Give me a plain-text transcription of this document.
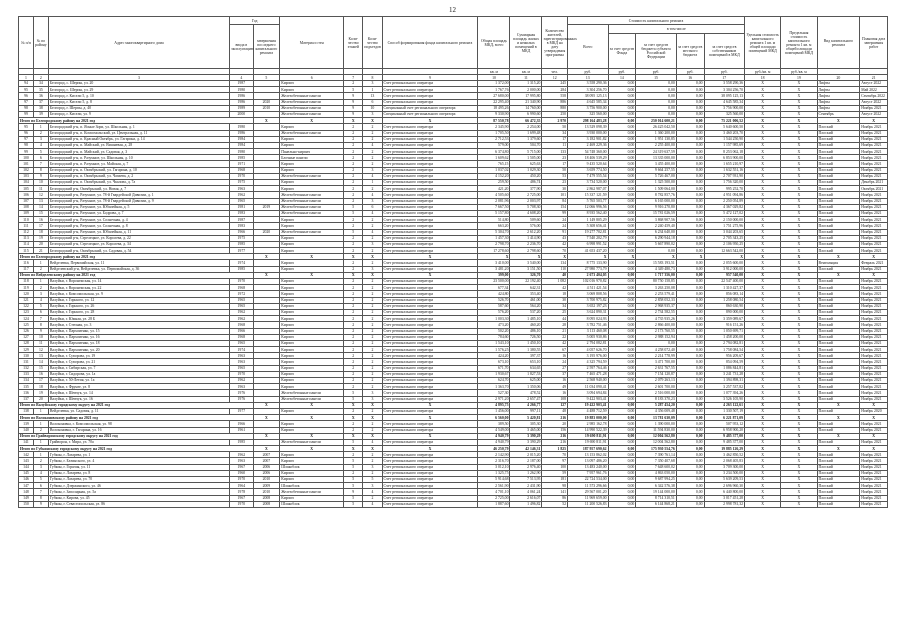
12
№ п/п	№ по району	Адрес многоквартирного дома	Год		Материал стен	Коли-чество этажей	Коли-чество подъездов	Способ формирования фонда капитального ремонта	Общая площадь МКД, всего	Суммарная площадь жилых и нежилых помещений в МКД	Количество жителей, зарегистрированных в МКД на дату утверждения программы	Стоимость капитального ремонта					Удельная стоимость капитального ремонта 1 кв. м общей площади помещений МКД	Предельная стоимость капитального ремонта 1 кв. м общей площади помещений МКД	Вид капитального ремонта	Плановая дата завершения работ
			ввода в эксплуатацию	завершения последнего капитального ремонта								Всего	в том числе							
													за счет средств Фонда	за счет средств бюджета субъекта Российской Федерации	за счет средств местного бюджета	за счет средств собственников помещений в МКД				
									кв. м	кв. м	чел.	руб.	руб.	руб.	руб.	руб.	руб./кв. м	руб./кв. м		
1	2	3	4	5	6	7	8	9	10	11	12	13	14	15	16	17	18	19	20	21
94	34	Белгород, с. Шерпы, ул. 20	1987		Кирпич	2	3	Счет регионального оператора	1 372,00	1 315,20	245	3 558 290,36	0,00	0,00	0,00	3 558 290,36	X	X	Лифты	Август 2022
95	35	Белгород, с. Шерпы, ул. 29	1980		Кирпич	5	1	Счет регионального оператора	1 767,76	2 000,00	284	3 304 256,70	0,00	0,00	0,00	3 304 256,70	X	X	Лифты	Май 2022
96	36	Белгород, г. Кисели 5, д. 10	1986		Железобетонные панели	9	13	Счет регионального оператора	27 680,00	17 995,80	558	38 095 125,13	0,00	0,00	0,00	38 095 125,13	X	X	Лифты	Сентябрь 2022
97	37	Белгород, г. Кисели 5, д. 8	1986	2020	Железобетонные панели	9	6	Счет регионального оператора	22 295,40	21 340,90	886	4 645 585,34	0,00	0,00	0,00	4 645 585,34	X	X	Лифты	Август 2022
98	38	Белгород, г. Шерпы, д. 40	1989	2010	Железобетонные панели	9	10	Специальный счет регионального оператора	18 495,26	14 760,00	880	3 756 900,00	0,00	0,00	0,00	3 756 900,00	X	X	Лифты	Ноябрь 2021
99	39	Белгород, г. Кисели, ул. 9	2000		Железобетонные панели	9	3	Специальный счет регионального оператора	9 330,90	6 990,60	250	325 560,00	0,00	0,00	0,00	325 560,00	X	X	Сентябрь	Август 2022
Итого по Белгородскому району на 2021 год				X	X	X	X	X	87 550,78	66 472,35	2 970	298 164 483,28	0,00	250 014 600,21	0,00	75 221 006,52	X	X	X	X
95	1	Белгородский р-н, п. Ясные Зори, ул. Школьная, д. 1	1980		Кирпич	2	2	Счет регионального оператора	2 345,90	2 254,00	50	13 529 098,39	0,00	26 425 042,50	0,00	5 640 600,50	X	X	Плоский	Ноябрь 2021
96	2	Белгородский р-н, п. Комсомольский, ул. Центральная, д. 11	1986		Железобетонные панели	2	2	Счет регионального оператора	1 705,50	1 699,48	34	3 930 000,00	0,00	1 360 200,00	0,00	3 460 203,70	X	X	Плоский	Ноябрь 2021
97	3	Белгородский р-н, п. Красный Октябрь, ул. Гагарина, д. 14	1984		Кирпич	2	2	Счет регионального оператора	2 712,53	1 379,60	17	3 182 901,82	0,00	1 951 130,85	0,00	1 544 250,90	X	X	Плоский	Ноябрь 2021
98	4	Белгородский р-н, п. Майский, ул. Вишневая, д. 28	1984		Кирпич	2	4	Счет регионального оператора	579,00	504,70	11	2 469 229,36	0,00	2 255 400,00	0,00	1 157 985,69	X	X	Плоский	Ноябрь 2021
99	5	Белгородский р-н, п. Майский, ул. Садовая, д. 3	1980		Панельно-кирпич	2	2	Счет регионального оператора	6 374,80	5 715,00	133	54 748 360,00	0,00	24 319 637,59	0,00	8 253 062,18	X	X	Плоский	Ноябрь 2021
100	6	Белгородский р-н, п. Разумное, ул. Школьная, д. 10	1985		Блочные панели	2	2	Счет регионального оператора	1 609,62	1 505,00	23	18 406 539,29	0,00	13 335 000,00	0,00	6 853 900,00	X	X	Плоский	Ноябрь 2021
101	7	Белгородский р-н, п. Разумное, ул. Майская, д. 7	1971		Кирпич	2	2	Счет регионального оператора	765,15	625,63	17	9 435 520,64	0,00	3 455 400,00	0,00	1 655 210,97	X	X	Плоский	Ноябрь 2021
102	8	Белгородский р-н, п. Октябрьский, ул. Гагарина, д. 10	1968		Кирпич	2	3	Счет регионального оператора	1 037,02	1 029,30	50	3 659 774,50	0,00	9 664 257,55	0,00	1 632 551,16	X	X	Плоский	Ноябрь 2021
103	9	Белгородский р-н, п. Октябрьский, ул. Чапаева, д. 2	1970		Железобетонные панели	2	4	Счет регионального оператора	4 152,20	450,20	53	7 479 555,54	0,00	5 726 467,00	0,00	2 707 931,90	X	X	Плоский	Ноябрь 2021
104	10	Белгородский р-н, п. Октябрьский, ул. Чкалова, д. 7а	1975		Кирпич	2	1	Счет регионального оператора	259,50	486,74	23	3 734 520,00	0,00	1 325 500,00	0,00	1 756 320,00	X	X	Плоский	Декабрь 2021
105	11	Белгородский р-н, Октябрьский, ул. Новая, д. 7	1963		Кирпич	2	2	Счет регионального оператора	421,20	377,90	30	2 862 987,07	0,00	1 509 064,00	0,00	995 252,70	X	X	Плоский	Октябрь 2021
106	12	Белгородский р-н, Разумное, ул. 78-й Гвардейской Дивизии, д. 1	1962		Железобетонные панели	2	4	Счет регионального оператора	4 505,60	2 725,00	101	15 337 121,59	0,00	8 782 857,76	0,00	4 951 094,86	X	X	Плоский	Ноябрь 2021
107	13	Белгородский р-н, Разумное, ул. 78-й Гвардейской Дивизии, д. 9	1965		Железобетонные панели	2	3	Счет регионального оператора	2 081,96	2 003,97	84	5 765 503,77	0,00	6 165 000,00	0,00	2 250 054,89	X	X	Плоский	Ноябрь 2021
108	14	Белгородский р-н, Разумное, ул. Юбилейная, д. 5	1981	2019	Железобетонные панели	5	6	Счет регионального оператора	7 667,50	5 708,30	154	12 066 996,56	0,00	9 916 270,80	0,00	4 367 029,82	X	X	Плоский	Ноябрь 2021
109	15	Белгородский р-н, Разумное, ул. Бодрова, д. 7	1983		Железобетонные панели	5	4	Счет регионального оператора	5 157,80	4 608,20	99	8 935 562,40	0,00	15 781 026,59	0,00	5 472 127,02	X	X	Плоский	Ноябрь 2021
110	16	Белгородский р-н, Разумное, ул. Солнечная, д. 4	1987		Кирпич	2	2	Счет регионального оператора	514,80	509,60	24	1 149 805,29	0,00	3 868 907,56	0,00	2 150 000,00	X	X	Плоский	Ноябрь 2021
111	17	Белгородский р-н, Разумное, ул. Солнечная, д. 8	1983		Кирпич	2	2	Счет регионального оператора	663,20	576,00	24	5 308 656,41	0,00	2 240 459,40	0,00	1 751 275,96	X	X	Плоский	Ноябрь 2021
112	18	Белгородский р-н, Разумное, ул. Юбилейная, д. 11	1966	2020	Железобетонные панели	5	4	Счет регионального оператора	5 304,70	2 612,20	91	19 277 702,81	0,00	6 234 640,00	0,00	3 044 203,65	X	X	Плоский	Ноябрь 2021
113	19	Белгородский р-н, Стрелецкое, ул. Королева, д. 22	1975		Кирпич	2	2	Счет регионального оператора	1 457,30	1 414,90	43	7 540 202,79	0,00	6 290 944,18	0,00	2 705 343,25	X	X	Плоский	Ноябрь 2021
114	20	Белгородский р-н, Стрелецкое, ул. Королева, д. 34	1985		Кирпич	2	3	Счет регионального оператора	2 798,70	2 236,70	42	6 998 991,52	0,00	5 667 890,02	0,00	2 106 950,25	X	X	Плоский	Ноябрь 2021
115	21	Белгородский р-н, Октябрьский, ул. Садовая, д. 54	1977		Кирпич	2	2	Счет регионального оператора	17 278,60	2 798,60	70	41 653 437,20	0,00	0,00	0,00	12 663 542,00	X	X	Плоский	Ноябрь 2021
Итого по Белгородскому району на 2021 год				X	X	X	X	X	X	X	X	X	X	X	X	X	X	X	X	X
116	1	Вейделевка, Первомайская, ул. 11	1974		Кирпич	2	2	Счет регионального оператора	3 410,00	3 540,00	134	8 775 133,90	0,00	15 583 193,51	0,00	2 055 600,00	X	X	Вентиляция	Февраль 2021
117	2	Вейделевский р-н, Вейделевка, ул. Первомайская, д. 36	1985		Кирпич	2	3	Счет регионального оператора	3 481,20	3 151,50	110	27 980 773,79	0,00	4 349 480,73	0,00	3 912 000,00	X	X	Плоский	Ноябрь 2021
Итого по Вейделевскому району на 2021 год				X	X	X	X	X	399,00	326,70	40	2 673 404,05	0,00	1 717 356,00	0,00	957 540,00	X	X	X	X
118	1	Валуйки, г. Воронежская, ул. 14	1970		Кирпич	2	2	Счет регионального оператора	23 500,00	22 192,40	1 082	102 016 970,82	0,00	80 750 158,85	0,00	22 547 400,00	X	X	Плоский	Ноябрь 2021
119	2	Валуйки, г. Воронежская, ул. 22	1968		Кирпич	2	2	Счет регионального оператора	677,34	642,31	42	4 511 421,54	0,00	3 263 250,08	0,00	1 310 427,37	X	X	Плоский	Ноябрь 2021
120	3	Валуйки, г. Комсомольская, ул. 9	1972		Кирпич	2	2	Счет регионального оператора	424,80	353,40	18	3 069 808,56	0,00	2 253 579,41	0,00	856 083,14	X	X	Плоский	Ноябрь 2021
121	4	Валуйки, г. Горького, ул. 12	1965		Кирпич	2	2	Счет регионального оператора	526,70	461,00	30	3 700 975,82	0,00	2 858 052,33	0,00	1 258 080,54	X	X	Плоский	Ноябрь 2021
122	5	Валуйки, г. Горького, ул. 26	1965		Кирпич	2	2	Счет регионального оператора	587,60	564,20	34	3 652 197,23	0,00	2 968 935,37	0,00	860 630,90	X	X	Плоский	Ноябрь 2021
123	6	Валуйки, г. Горького, ул. 28	1962		Кирпич	2	2	Счет регионального оператора	576,20	537,20	25	3 624 890,31	0,00	2 734 582,55	0,00	890 000,00	X	X	Плоский	Ноябрь 2021
124	7	Валуйки, г. Южная, ул. 28 Б	1962		Кирпич	2	2	Счет регионального оператора	1 003,30	1 485,10	44	8 095 024,93	0,00	4 735 935,26	0,00	3 359 089,67	X	X	Плоский	Ноябрь 2021
125	8	Валуйки, г. Степная, ул. 3	1968		Кирпич	2	2	Счет регионального оператора	473,20	460,20	28	3 782 751,46	0,00	2 866 400,00	0,00	916 151,26	X	X	Плоский	Ноябрь 2021
126	9	Валуйки, г. Пархоменко, ул. 15	1966		Кирпич	2	2	Счет регионального оператора	502,20	486,10	21	3 113 460,08	0,00	2 173 760,55	0,00	1 050 699,71	X	X	Плоский	Ноябрь 2021
127	10	Валуйки, г. Пархоменко, ул. 16	1968		Кирпич	2	2	Счет регионального оператора	784,60	726,50	22	5 005 930,86	0,00	2 988 152,94	0,00	1 458 200,00	X	X	Плоский	Ноябрь 2021
128	11	Валуйки, г. Пархоменко, ул. 18	1965		Кирпич	2	2	Счет регионального оператора	1 543,10	1 450,10	42	2 794 082,81	0,00	0,00	0,00	2 794 082,81	X	X	Плоский	Ноябрь 2021
129	12	Валуйки, г. Пархоменко, ул. 20	1974		Кирпич	2	2	Счет регионального оператора	1 576,25	1 380,55	67	4 057 626,70	0,00	4 258 072,40	0,00	1 758 084,54	X	X	Плоский	Ноябрь 2021
130	13	Валуйки, г. Суворова, ул. 19	1963		Кирпич	2	2	Счет регионального оператора	424,20	397,37	16	3 195 976,00	0,00	2 214 778,99	0,00	956 209,67	X	X	Плоский	Ноябрь 2021
131	14	Валуйки, г. Суворова, ул. 21	1963		Кирпич	2	2	Счет регионального оператора	673,10	653,10	24	4 325 794,59	0,00	3 471 700,00	0,00	854 094,59	X	X	Плоский	Ноябрь 2021
132	15	Валуйки, г. Сибирская, ул. 7	1965		Кирпич	2	2	Счет регионального оператора	671,70	634,65	27	2 597 764,46	0,00	2 631 767,55	0,00	1 086 844,81	X	X	Плоский	Ноябрь 2021
133	16	Валуйки, г. Сидорова, ул. 1а	1970		Кирпич	2	2	Счет регионального оператора	1 930,67	1 827,53	37	7 465 471,28	0,00	7 154 120,87	0,00	3 241 731,28	X	X	Плоский	Ноябрь 2021
134	17	Валуйки, г. 50-Летия, ул. 1а	1962		Кирпич	2	2	Счет регионального оператора	624,70	625,00	16	2 568 940,00	0,00	2 079 263,13	0,00	1 394 898,31	X	X	Плоский	Ноябрь 2021
135	18	Валуйки, г. Фрунзе, ул. 8	1963		Кирпич	2	2	Счет регионального оператора	1 363,70	1 350,06	49	11 034 090,41	0,00	2 601 700,00	0,00	3 257 537,82	X	X	Плоский	Ноябрь 2021
136	19	Валуйки, г. Шевчук, ул. 14	1976		Железобетонные панели	5	3	Счет регионального оператора	527,30	478,52	16	3 094 694,84	0,00	2 516 000,00	0,00	1 077 394,26	X	X	Плоский	Ноябрь 2021
137	20	Валуйки, г. Шевчук, ул. 16	1976		Железобетонные панели	5	3	Счет регионального оператора	2 971,20	2 657,47	108	9 422 903,41	0,00	8 183 370,23	0,00	3 526 105,90	X	X	Плоский	Ноябрь 2021
Итого по Валуйскому городскому округу на 2021 год				X	X	X	X	X	4 895,75	4 266,77	127	19 422 903,41	0,00	5 287 454,20	0,00	4 263 122,61	X	X	X	X
138	1	Вейделевка, ул. Садовая, д. 11	1977		Кирпич	2	2	Счет регионального оператора	1 456,00	997,11	48	4 488 712,59	0,00	4 356 009,48	0,00	1 330 507,19	X	X	Плоский	Ноябрь 2020
Итого по Волоконовскому району на 2021 год				X	X	X	X	X	6 560,00	5 420,81	216	19 883 000,00	0,00	13 781 630,09	0,00	6 221 871,09	X	X	X	X
139	1	Волоконовка, г. Комсомольская, ул. 98	1966		Кирпич	2	2	Счет регионального оператора	389,50	305,30	20	2 985 162,78	0,00	1 390 000,00	0,00	507 953,12	X	X	Плоский	Ноябрь 2021
140	2	Волоконовка, г. Гагарина, ул. 16	1961		Кирпич	2	2	Счет регионального оператора	4 549,00	3 465,00	156	14 990 522,39	0,00	11 594 830,00	0,00	6 958 900,20	X	X	Плоский	Ноябрь 2021
Итого по Грайворонскому городскому округу на 2021 год				X	X	X	X	X	4 940,79	3 390,29	216	19 690 811,91	0,00	12 004 562,80	0,00	9 485 377,00	X	X	X	X
141	1	Грайворон, г. Мира, ул. 70а	1985		Железобетонные панели	5	4	Счет регионального оператора	4 940,79	3 390,29	216	19 690 811,91	0,00	12 004 562,80	0,00	9 485 377,00	X	X	Плоский	Ноябрь 2021
Итого по Губкинскому городскому округу на 2021 год				X	X	X	X	X	46 250,79	42 146,31	1 825	187 957 690,62	0,00	175 930 554,76	0,00	19 885 126,29	X	X	X	X
142	1	Губкин, г. Лазарева, ул. 1	1962	2007	Кирпич	2	2	Счет регионального оператора	2 142,90	2 015,20	70	13 153 862,02	0,00	7 390 761,14	0,00	3 462 850,52	X	X	Плоский	Ноябрь 2021
143	2	Губкин, г. Белинского, ул. 4	1963	2007	Кирпич	5	2	Счет регионального оператора	2 316,70	2 187,00	97	13 097 486,20	0,00	7 350 407,68	0,00	2 068 405,83	X	X	Плоский	Ноябрь 2021
144	3	Губкин, г. Горячая, ул. 11	1967	2006	Шлакоблок	5	3	Счет регионального оператора	3 012,10	2 976,40	100	13 483 240,00	0,00	7 648 600,02	0,00	3 709 300,00	X	X	Плоский	Ноябрь 2021
145	4	Губкин, г. Лазарева, ул. 8	1960	2006	Кирпич	2	2	Счет регионального оператора	1 325,75	1 262,90	59	7 957 961,76	0,00	4 863 050,00	0,00	3 234 500,00	X	X	Плоский	Ноябрь 2021
146	5	Губкин, г. Лазарева, ул. 70	1970	2010	Кирпич	5	5	Счет регионального оператора	5 914,68	7 513,95	181	22 724 534,00	0,00	9 687 994,25	0,00	5 639 209,53	X	X	Плоский	Ноябрь 2021
147	6	Губкин, г. Дзержинского, ул. 46	1964	2009	Шлакоблок	5	3	Счет регионального оператора	2 561,90	2 431,90	98	11 573 296,66	0,00	6 342 576,38	0,00	2 696 960,30	X	X	Плоский	Ноябрь 2021
148	7	Губкин, г. Заполярная, ул. 5а	1978	2010	Железобетонные панели	9	4	Счет регионального оператора	4 701,10	4 061,24	141	29 567 001,20	0,00	19 144 000,00	0,00	6 440 800,00	X	X	Плоский	Ноябрь 2021
149	8	Губкин, г. Кирова, ул. 45	1967	2008	Кирпич	5	2	Счет регионального оператора	2 725,00	2 616,07	86	11 969 659,00	0,00	8 714 310,51	0,00	3 017 451,28	X	X	Плоский	Ноябрь 2021
150	9	Губкин, г. Севастопольская, ул. 86	1970	2008	Шлакоблок	5	4	Счет регионального оператора	1 887,60	1 496,82	52	11 200 526,83	0,00	6 144 868,21	0,00	2 998 781,32	X	X	Плоский	Ноябрь 2021
